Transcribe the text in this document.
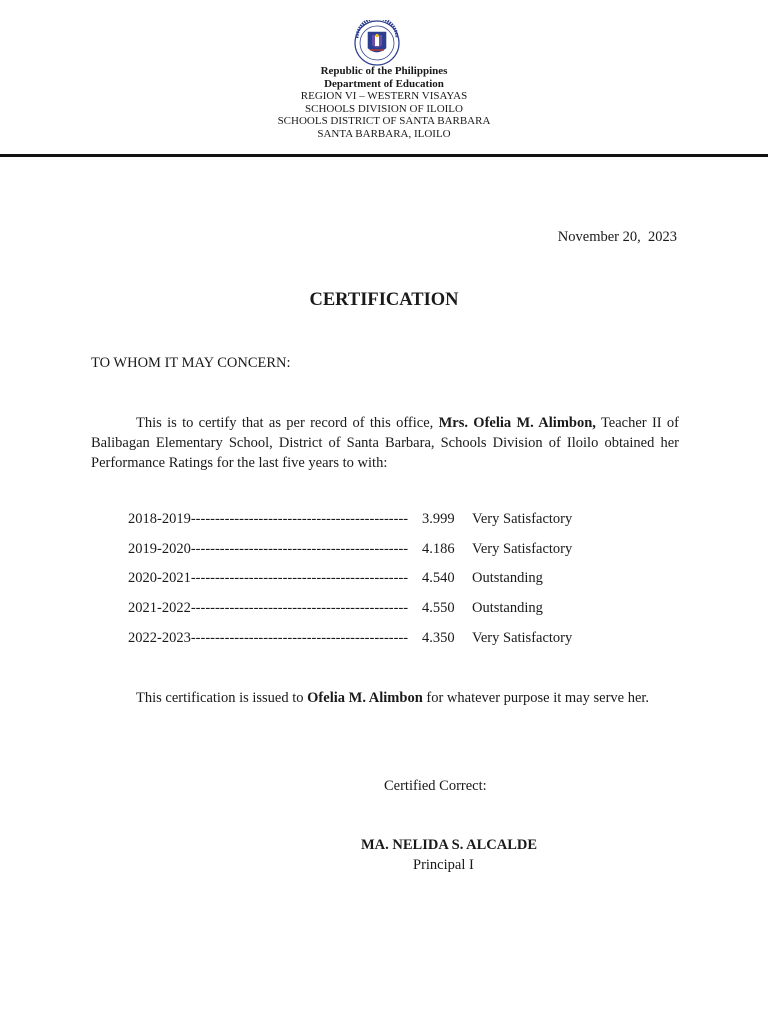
Republic of the Philippines
Department of Education
REGION VI – WESTERN VISAYAS
SCHOOLS DIVISION OF ILOILO
SCHOOLS DISTRICT OF SANTA BARBARA
SANTA BARBARA, ILOILO
November 20,  2023
CERTIFICATION
TO WHOM IT MAY CONCERN:
This is to certify that as per record of this office, Mrs. Ofelia M. Alimbon, Teacher II of Balibagan Elementary School, District of Santa Barbara, Schools Division of Iloilo obtained her Performance Ratings for the last five years to with:
2018-2019--------------------------------------------- 3.999	Very Satisfactory
2019-2020--------------------------------------------- 4.186	Very Satisfactory
2020-2021--------------------------------------------- 4.540	Outstanding
2021-2022--------------------------------------------- 4.550	Outstanding
2022-2023--------------------------------------------- 4.350	Very Satisfactory
This certification is issued to Ofelia M. Alimbon for whatever purpose it may serve her.
Certified Correct:
MA. NELIDA S. ALCALDE
Principal I
